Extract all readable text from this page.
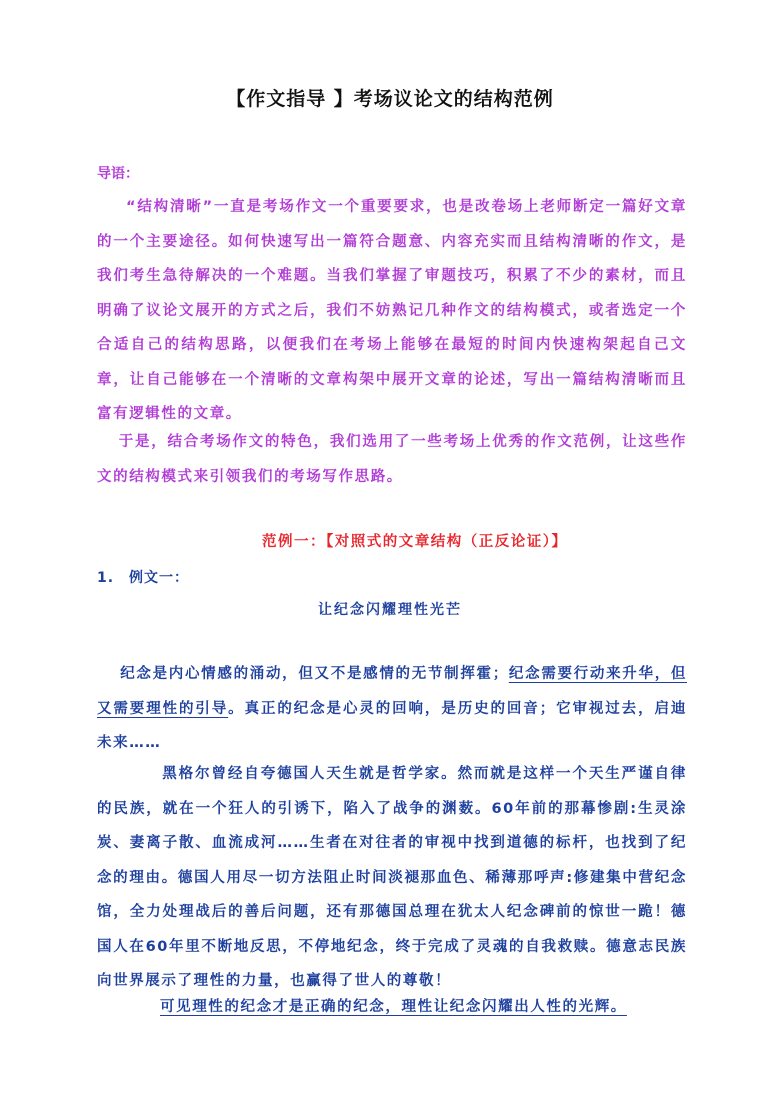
【作文指导 】考场议论文的结构范例
导语：
“结构清晰”一直是考场作文一个重要要求，也是改卷场上老师断定一篇好文章的一个主要途径。如何快速写出一篇符合题意、内容充实而且结构清晰的作文，是我们考生急待解决的一个难题。当我们掌握了审题技巧，积累了不少的素材，而且明确了议论文展开的方式之后，我们不妨熟记几种作文的结构模式，或者选定一个合适自己的结构思路，以便我们在考场上能够在最短的时间内快速构架起自己文章，让自己能够在一个清晰的文章构架中展开文章的论述，写出一篇结构清晰而且富有逻辑性的文章。
于是，结合考场作文的特色，我们选用了一些考场上优秀的作文范例，让这些作文的结构模式来引领我们的考场写作思路。
范例一：【对照式的文章结构（正反论证）】
1.　例文一：
让纪念闪耀理性光芒
纪念是内心情感的涌动，但又不是感情的无节制挥霍；纪念需要行动来升华，但又需要理性的引导。真正的纪念是心灵的回响，是历史的回音；它审视过去，启迪未来……
黑格尔曾经自夸德国人天生就是哲学家。然而就是这样一个天生严谨自律的民族，就在一个狂人的引诱下，陷入了战争的渊薮。60年前的那幕惨剧:生灵涂炭、妻离子散、血流成河……生者在对往者的审视中找到道德的标杆，也找到了纪念的理由。德国人用尽一切方法阻止时间淡褪那血色、稀薄那呼声:修建集中营纪念馆，全力处理战后的善后问题，还有那德国总理在犹太人纪念碑前的惊世一跪！德国人在60年里不断地反思，不停地纪念，终于完成了灵魂的自我救赎。德意志民族向世界展示了理性的力量，也赢得了世人的尊敬！
可见理性的纪念才是正确的纪念，理性让纪念闪耀出人性的光辉。
